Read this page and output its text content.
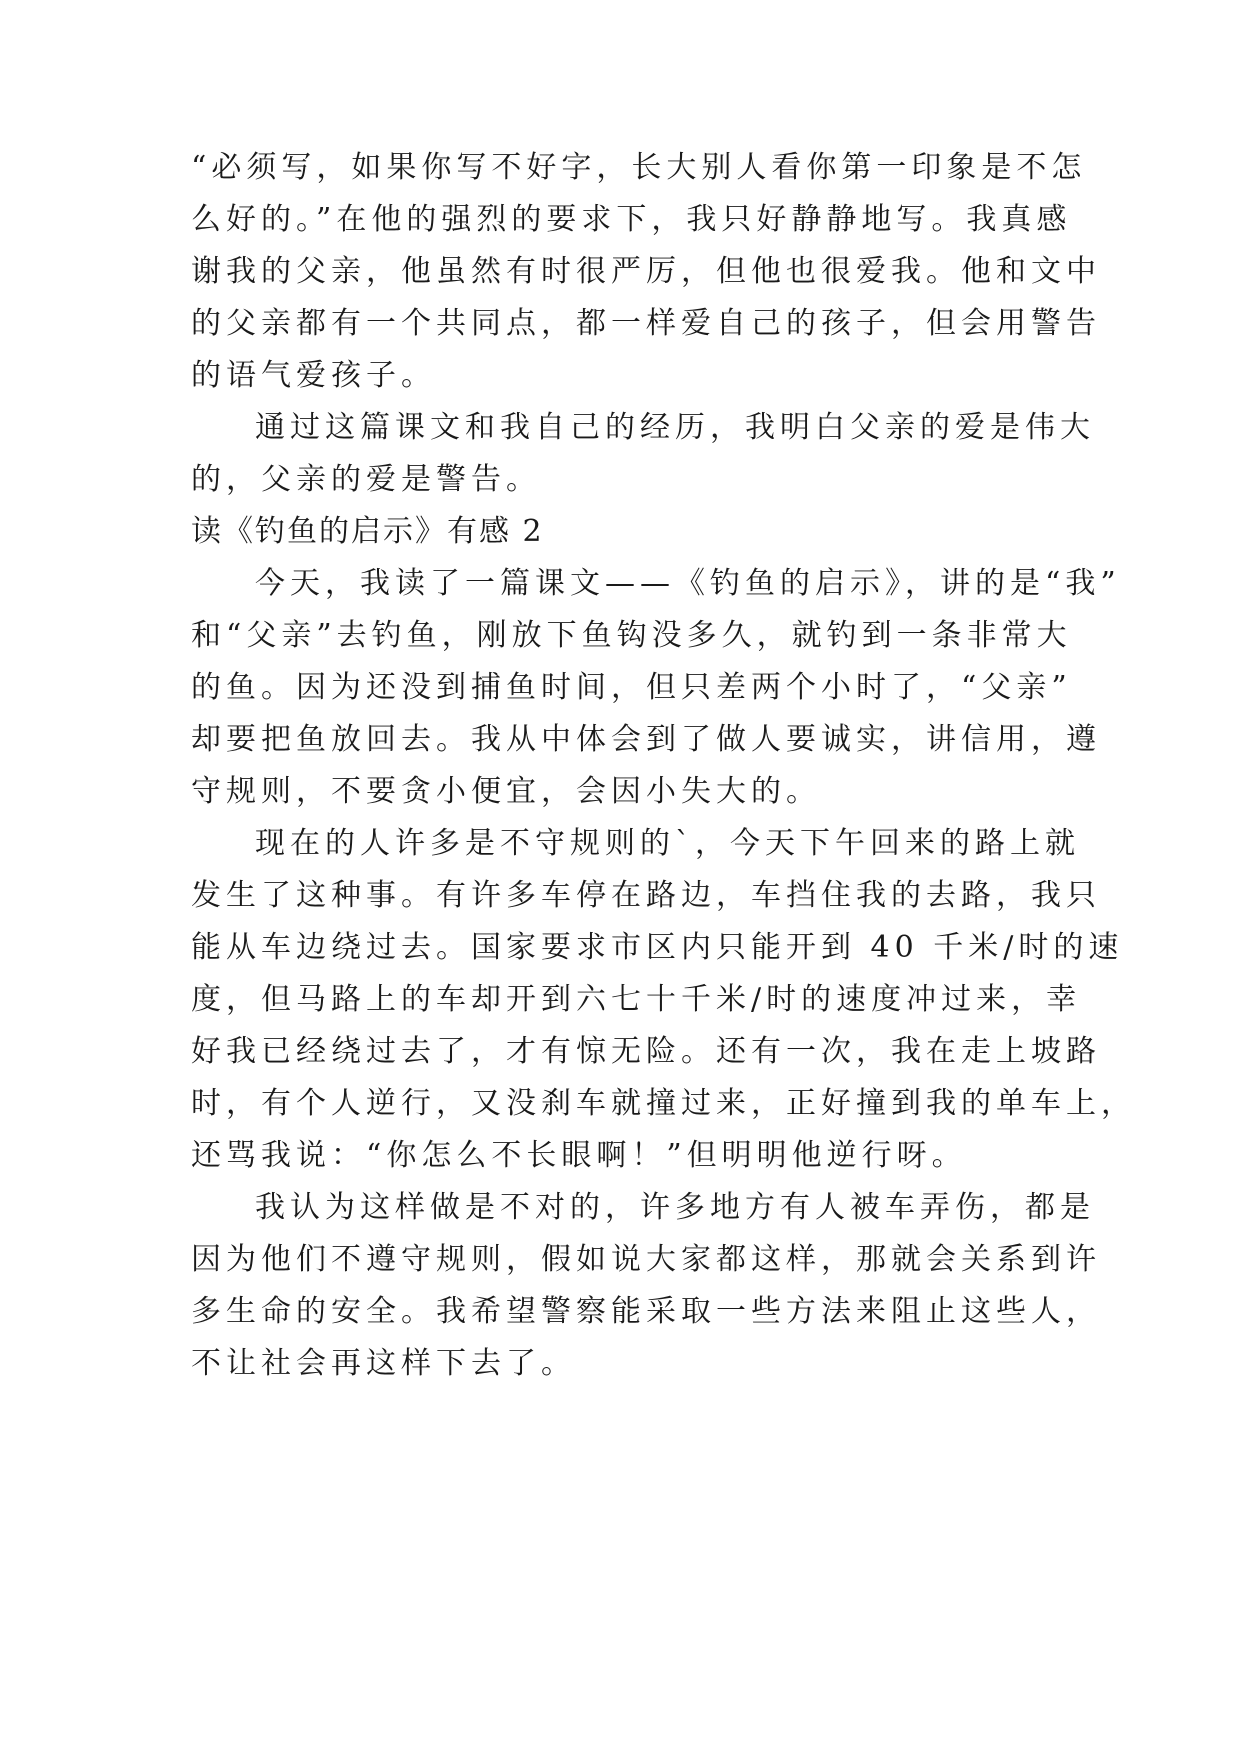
“必须写，如果你写不好字，长大别人看你第一印象是不怎
么好的。”在他的强烈的要求下，我只好静静地写。我真感
谢我的父亲，他虽然有时很严厉，但他也很爱我。他和文中
的父亲都有一个共同点，都一样爱自己的孩子，但会用警告
的语气爱孩子。
通过这篇课文和我自己的经历，我明白父亲的爱是伟大
的，父亲的爱是警告。
读《钓鱼的启示》有感 2
今天，我读了一篇课文——《钓鱼的启示》，讲的是“我”
和“父亲”去钓鱼，刚放下鱼钩没多久，就钓到一条非常大
的鱼。因为还没到捕鱼时间，但只差两个小时了，“父亲”
却要把鱼放回去。我从中体会到了做人要诚实，讲信用，遵
守规则，不要贪小便宜，会因小失大的。
现在的人许多是不守规则的`，今天下午回来的路上就
发生了这种事。有许多车停在路边，车挡住我的去路，我只
能从车边绕过去。国家要求市区内只能开到 40 千米/时的速
度，但马路上的车却开到六七十千米/时的速度冲过来，幸
好我已经绕过去了，才有惊无险。还有一次，我在走上坡路
时，有个人逆行，又没刹车就撞过来，正好撞到我的单车上，
还骂我说：“你怎么不长眼啊！”但明明他逆行呀。
我认为这样做是不对的，许多地方有人被车弄伤，都是
因为他们不遵守规则，假如说大家都这样，那就会关系到许
多生命的安全。我希望警察能采取一些方法来阻止这些人，
不让社会再这样下去了。
